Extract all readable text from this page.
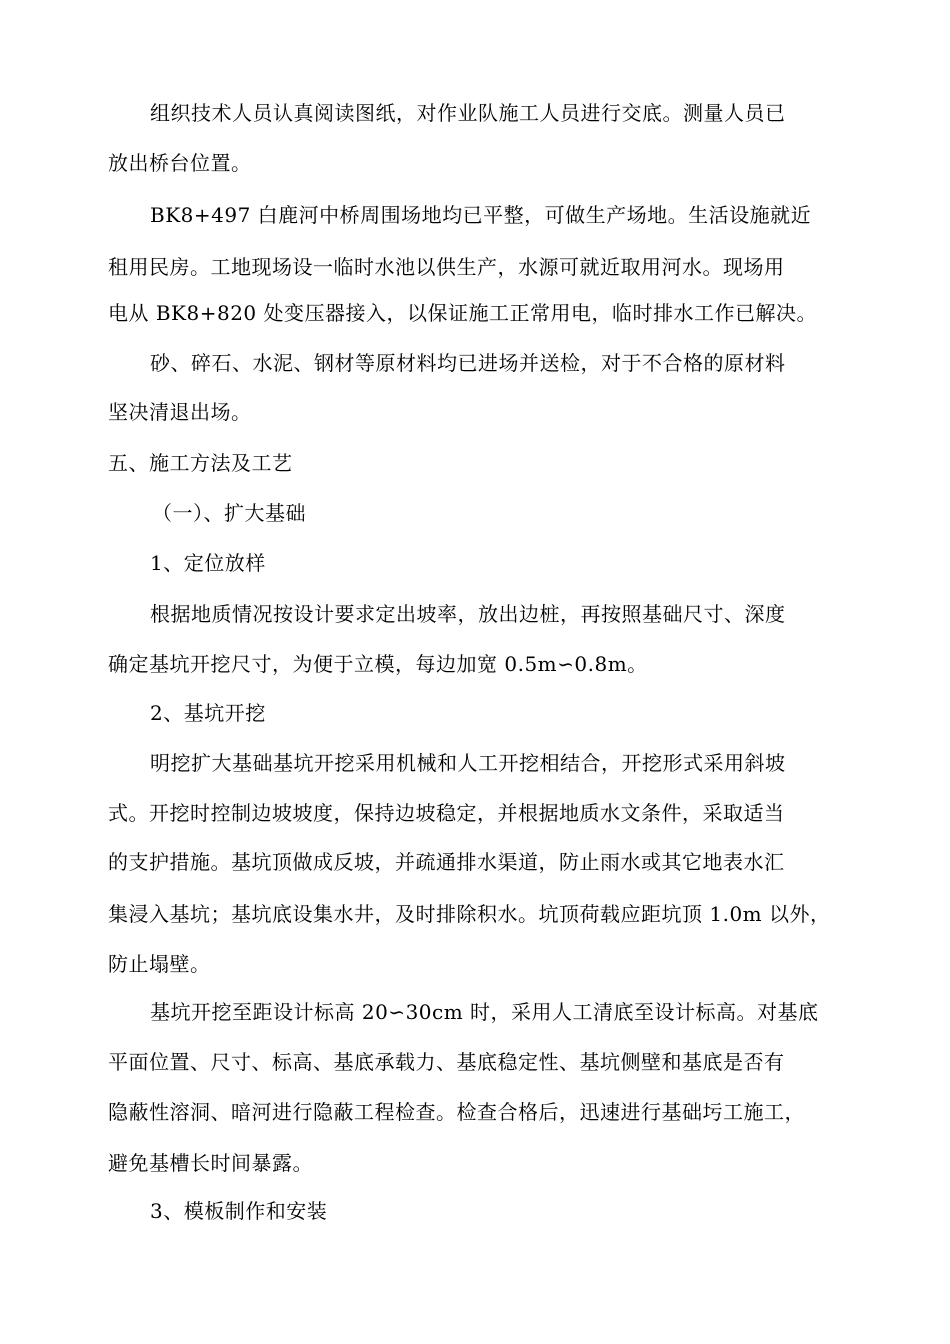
组织技术人员认真阅读图纸，对作业队施工人员进行交底。测量人员已
放出桥台位置。
BK8+497 白鹿河中桥周围场地均已平整，可做生产场地。生活设施就近
租用民房。工地现场设一临时水池以供生产，水源可就近取用河水。现场用
电从 BK8+820 处变压器接入，以保证施工正常用电，临时排水工作已解决。
砂、碎石、水泥、钢材等原材料均已进场并送检，对于不合格的原材料
坚决清退出场。
五、施工方法及工艺
（一）、扩大基础
1、定位放样
根据地质情况按设计要求定出坡率，放出边桩，再按照基础尺寸、深度
确定基坑开挖尺寸，为便于立模，每边加宽 0.5m∽0.8m。
2、基坑开挖
明挖扩大基础基坑开挖采用机械和人工开挖相结合，开挖形式采用斜坡
式。开挖时控制边坡坡度，保持边坡稳定，并根据地质水文条件，采取适当
的支护措施。基坑顶做成反坡，并疏通排水渠道，防止雨水或其它地表水汇
集浸入基坑；基坑底设集水井，及时排除积水。坑顶荷载应距坑顶 1.0m 以外，
防止塌壁。
基坑开挖至距设计标高 20∽30cm 时，采用人工清底至设计标高。对基底
平面位置、尺寸、标高、基底承载力、基底稳定性、基坑侧壁和基底是否有
隐蔽性溶洞、暗河进行隐蔽工程检查。检查合格后，迅速进行基础圬工施工，
避免基槽长时间暴露。
3、模板制作和安装
